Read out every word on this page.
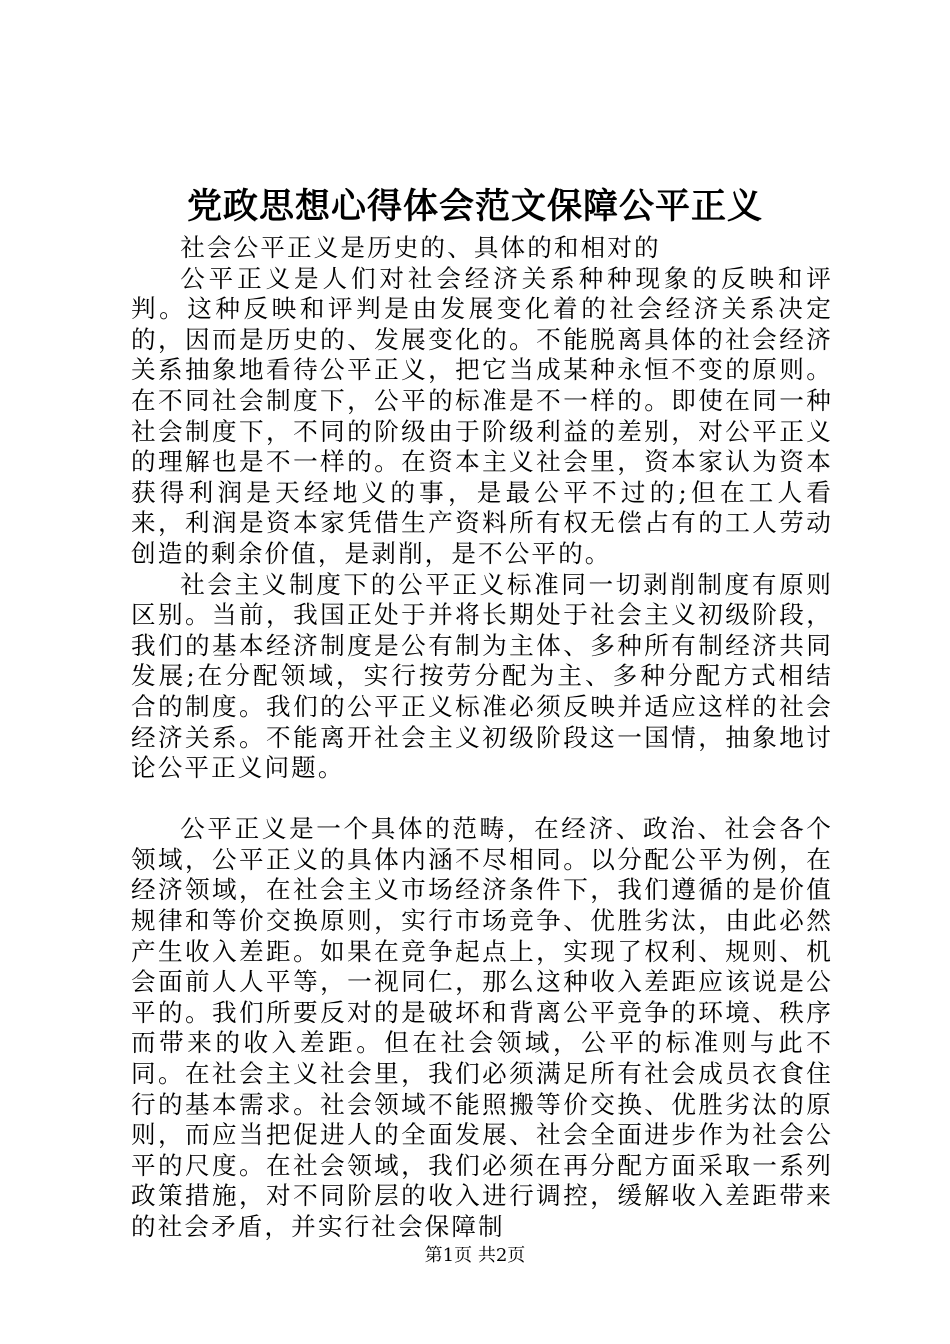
党政思想心得体会范文保障公平正义

社会公平正义是历史的、具体的和相对的

公平正义是人们对社会经济关系种种现象的反映和评判。这种反映和评判是由发展变化着的社会经济关系决定的，因而是历史的、发展变化的。不能脱离具体的社会经济关系抽象地看待公平正义，把它当成某种永恒不变的原则。在不同社会制度下，公平的标准是不一样的。即使在同一种社会制度下，不同的阶级由于阶级利益的差别，对公平正义的理解也是不一样的。在资本主义社会里，资本家认为资本获得利润是天经地义的事，是最公平不过的;但在工人看来，利润是资本家凭借生产资料所有权无偿占有的工人劳动创造的剩余价值，是剥削，是不公平的。

社会主义制度下的公平正义标准同一切剥削制度有原则区别。当前，我国正处于并将长期处于社会主义初级阶段，我们的基本经济制度是公有制为主体、多种所有制经济共同发展;在分配领域，实行按劳分配为主、多种分配方式相结合的制度。我们的公平正义标准必须反映并适应这样的社会经济关系。不能离开社会主义初级阶段这一国情，抽象地讨论公平正义问题。

公平正义是一个具体的范畴，在经济、政治、社会各个领域，公平正义的具体内涵不尽相同。以分配公平为例，在经济领域，在社会主义市场经济条件下，我们遵循的是价值规律和等价交换原则，实行市场竞争、优胜劣汰，由此必然产生收入差距。如果在竞争起点上，实现了权利、规则、机会面前人人平等，一视同仁，那么这种收入差距应该说是公平的。我们所要反对的是破坏和背离公平竞争的环境、秩序而带来的收入差距。但在社会领域，公平的标准则与此不同。在社会主义社会里，我们必须满足所有社会成员衣食住行的基本需求。社会领域不能照搬等价交换、优胜劣汰的原则，而应当把促进人的全面发展、社会全面进步作为社会公平的尺度。在社会领域，我们必须在再分配方面采取一系列政策措施，对不同阶层的收入进行调控，缓解收入差距带来的社会矛盾，并实行社会保障制

第1页 共2页
